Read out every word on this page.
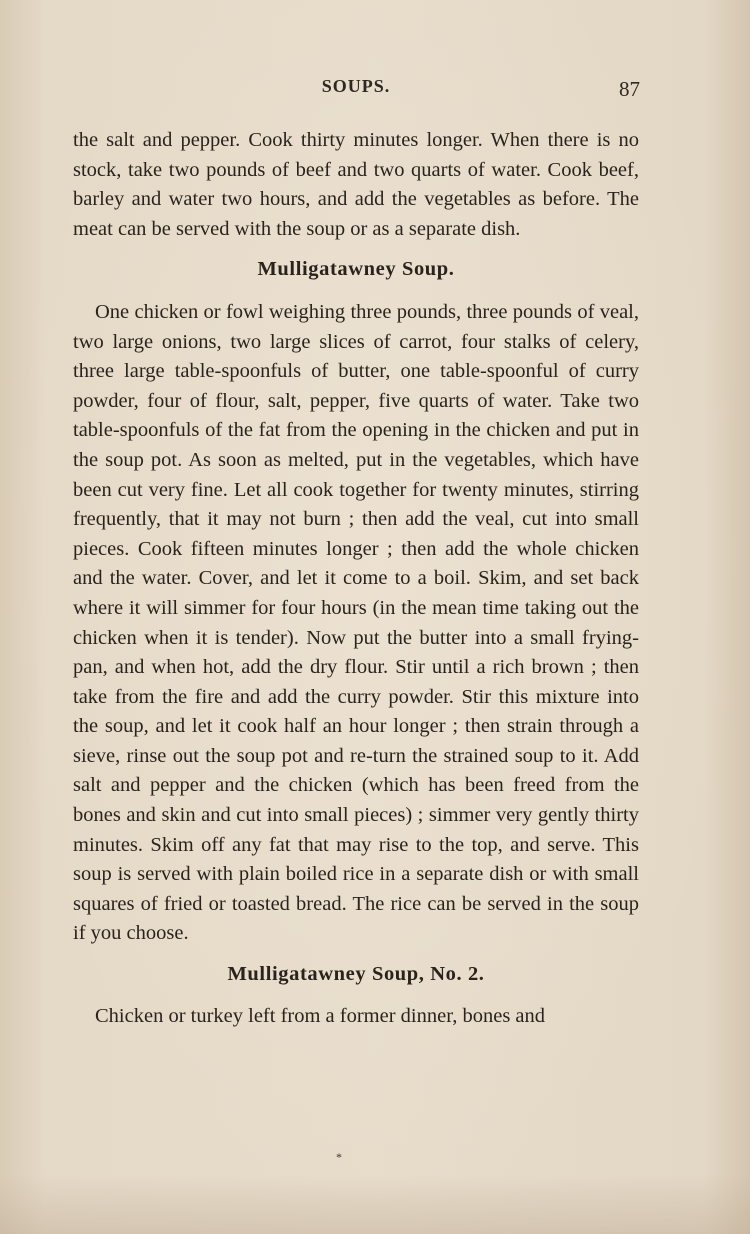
SOUPS.	87

the salt and pepper. Cook thirty minutes longer. When there is no stock, take two pounds of beef and two quarts of water. Cook beef, barley and water two hours, and add the vegetables as before. The meat can be served with the soup or as a separate dish.

Mulligatawney Soup.

One chicken or fowl weighing three pounds, three pounds of veal, two large onions, two large slices of carrot, four stalks of celery, three large table-spoonfuls of butter, one table-spoonful of curry powder, four of flour, salt, pepper, five quarts of water. Take two table-spoonfuls of the fat from the opening in the chicken and put in the soup pot. As soon as melted, put in the vegetables, which have been cut very fine. Let all cook together for twenty minutes, stirring frequently, that it may not burn ; then add the veal, cut into small pieces. Cook fifteen minutes longer ; then add the whole chicken and the water. Cover, and let it come to a boil. Skim, and set back where it will simmer for four hours (in the mean time taking out the chicken when it is tender). Now put the butter into a small frying-pan, and when hot, add the dry flour. Stir until a rich brown ; then take from the fire and add the curry powder. Stir this mixture into the soup, and let it cook half an hour longer ; then strain through a sieve, rinse out the soup pot and re-turn the strained soup to it. Add salt and pepper and the chicken (which has been freed from the bones and skin and cut into small pieces) ; simmer very gently thirty minutes. Skim off any fat that may rise to the top, and serve. This soup is served with plain boiled rice in a separate dish or with small squares of fried or toasted bread. The rice can be served in the soup if you choose.

Mulligatawney Soup, No. 2.

Chicken or turkey left from a former dinner, bones and

*
